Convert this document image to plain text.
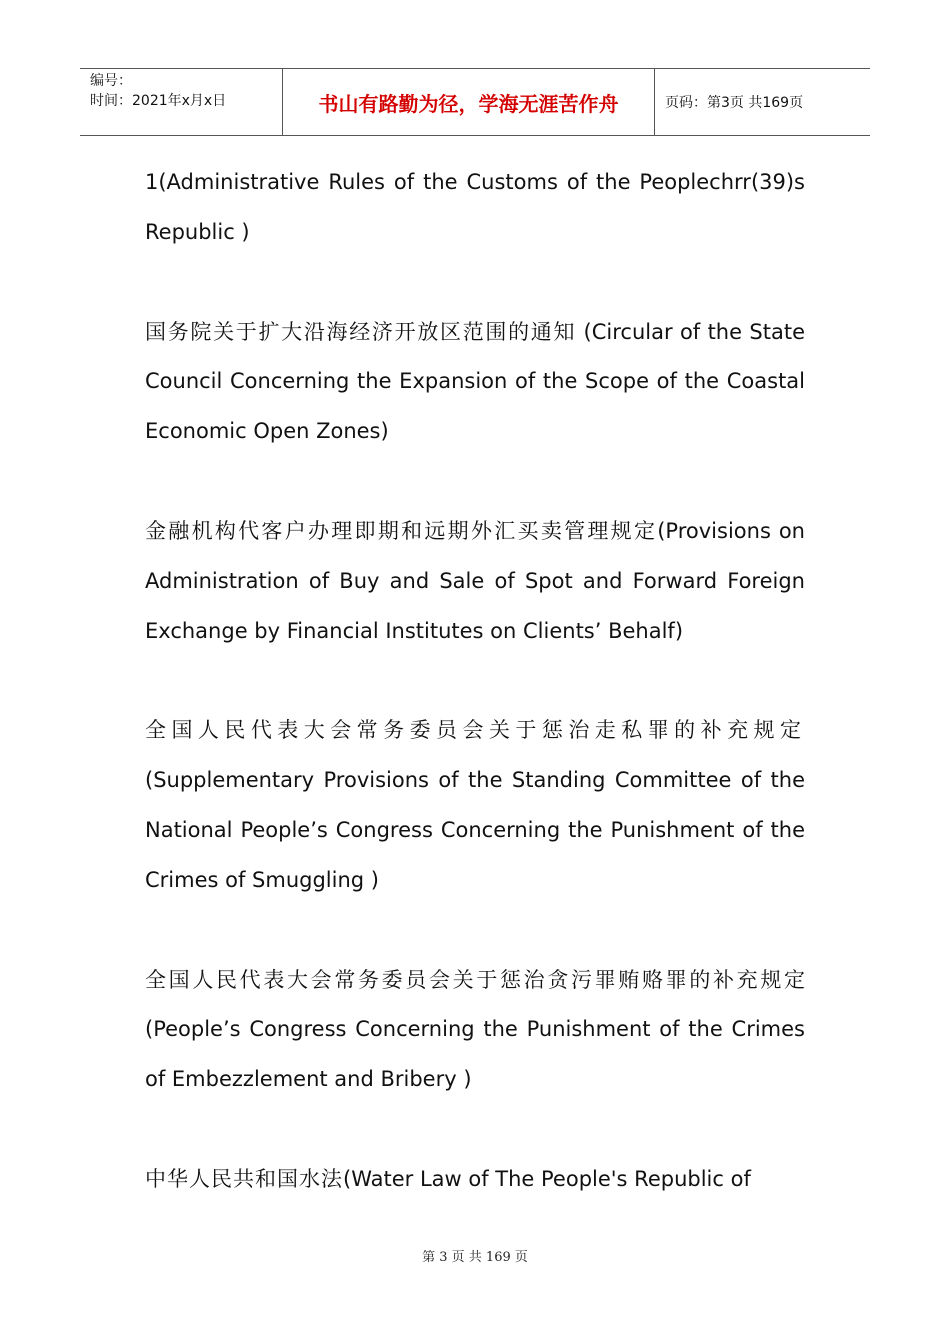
编号：
时间：2021年x月x日	书山有路勤为径，学海无涯苦作舟	页码：第3页 共169页

1(Administrative Rules of the Customs of the Peoplechrr(39)s Republic )

国务院关于扩大沿海经济开放区范围的通知 (Circular of the State Council Concerning the Expansion of the Scope of the Coastal Economic Open Zones)

金融机构代客户办理即期和远期外汇买卖管理规定(Provisions on Administration of Buy and Sale of Spot and Forward Foreign Exchange by Financial Institutes on Clients’ Behalf)

全国人民代表大会常务委员会关于惩治走私罪的补充规定(Supplementary Provisions of the Standing Committee of the National People’s Congress Concerning the Punishment of the Crimes of Smuggling )

全国人民代表大会常务委员会关于惩治贪污罪贿赂罪的补充规定(People’s Congress Concerning the Punishment of the Crimes of Embezzlement and Bribery )

中华人民共和国水法(Water Law of The People's Republic of

第 3 页 共 169 页
